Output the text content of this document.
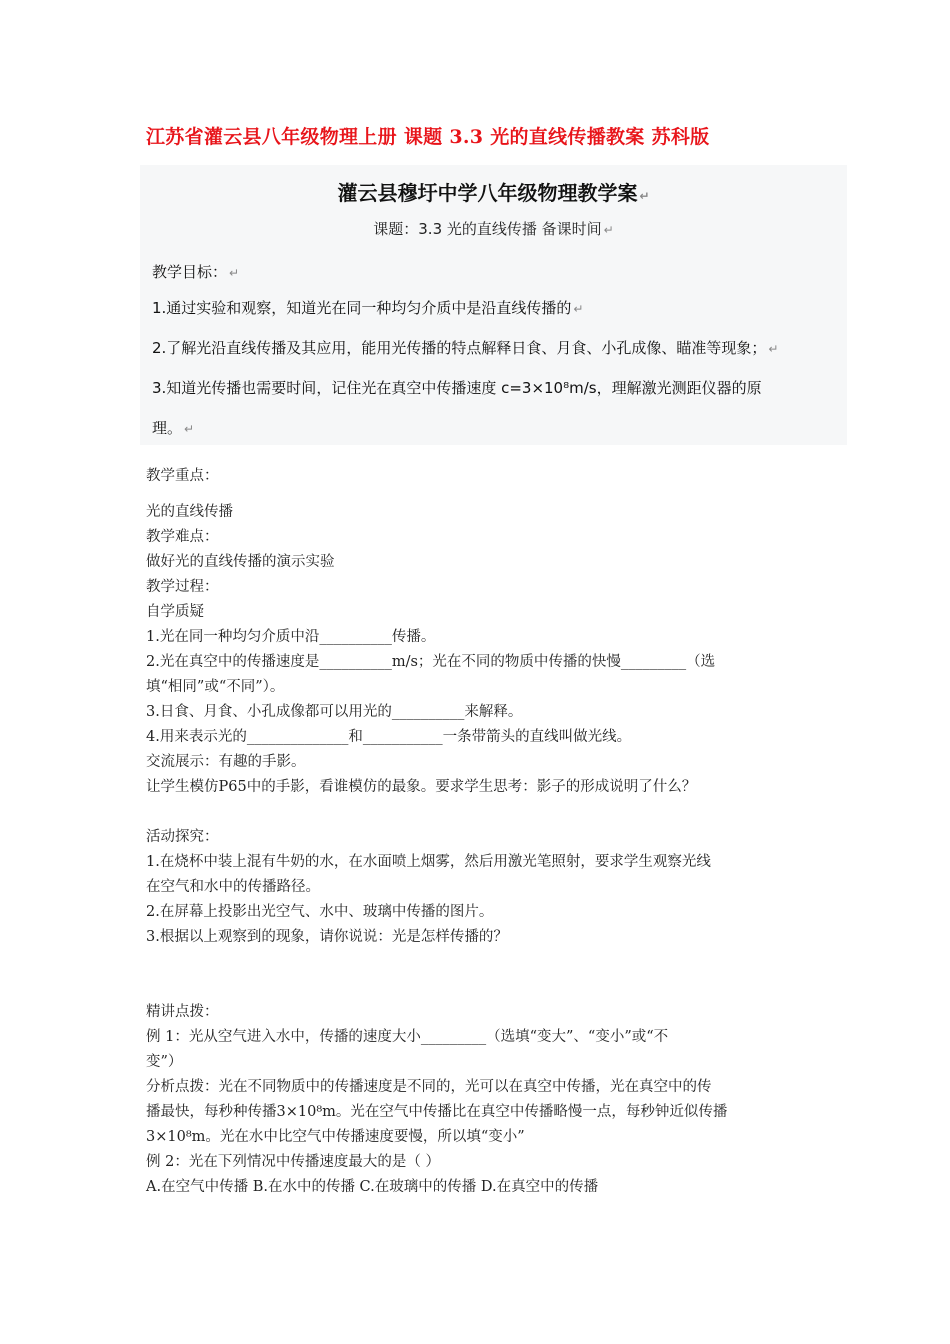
江苏省灌云县八年级物理上册 课题 3.3 光的直线传播教案 苏科版
灌云县穆圩中学八年级物理教学案 ↵
课题：3.3 光的直线传播 备课时间 ↵
教学目标： ↵
1.通过实验和观察，知道光在同一种均匀介质中是沿直线传播的 ↵
2.了解光沿直线传播及其应用，能用光传播的特点解释日食、月食、小孔成像、瞄准等现象； ↵
3.知道光传播也需要时间，记住光在真空中传播速度 c=3×10⁸m/s，理解激光测距仪器的原
理。 ↵
教学重点：
光的直线传播
教学难点：
做好光的直线传播的演示实验
教学过程：
自学质疑
1.光在同一种均匀介质中沿__________传播。
2.光在真空中的传播速度是__________m/s；光在不同的物质中传播的快慢_________（选
填“相同”或“不同”）。
3.日食、月食、小孔成像都可以用光的__________来解释。
4.用来表示光的______________和___________一条带箭头的直线叫做光线。
交流展示：有趣的手影。
让学生模仿P65中的手影，看谁模仿的最象。要求学生思考：影子的形成说明了什么？
活动探究：
1.在烧杯中装上混有牛奶的水，在水面喷上烟雾，然后用激光笔照射，要求学生观察光线
在空气和水中的传播路径。
2.在屏幕上投影出光空气、水中、玻璃中传播的图片。
3.根据以上观察到的现象，请你说说：光是怎样传播的？
精讲点拨：
例 1：光从空气进入水中，传播的速度大小_________（选填“变大”、“变小”或“不
变”）
分析点拨：光在不同物质中的传播速度是不同的，光可以在真空中传播，光在真空中的传
播最快，每秒种传播3×10⁸m。光在空气中传播比在真空中传播略慢一点，每秒钟近似传播
3×10⁸m。光在水中比空气中传播速度要慢，所以填“变小”
例 2：光在下列情况中传播速度最大的是（ ）
A.在空气中传播 B.在水中的传播 C.在玻璃中的传播 D.在真空中的传播
